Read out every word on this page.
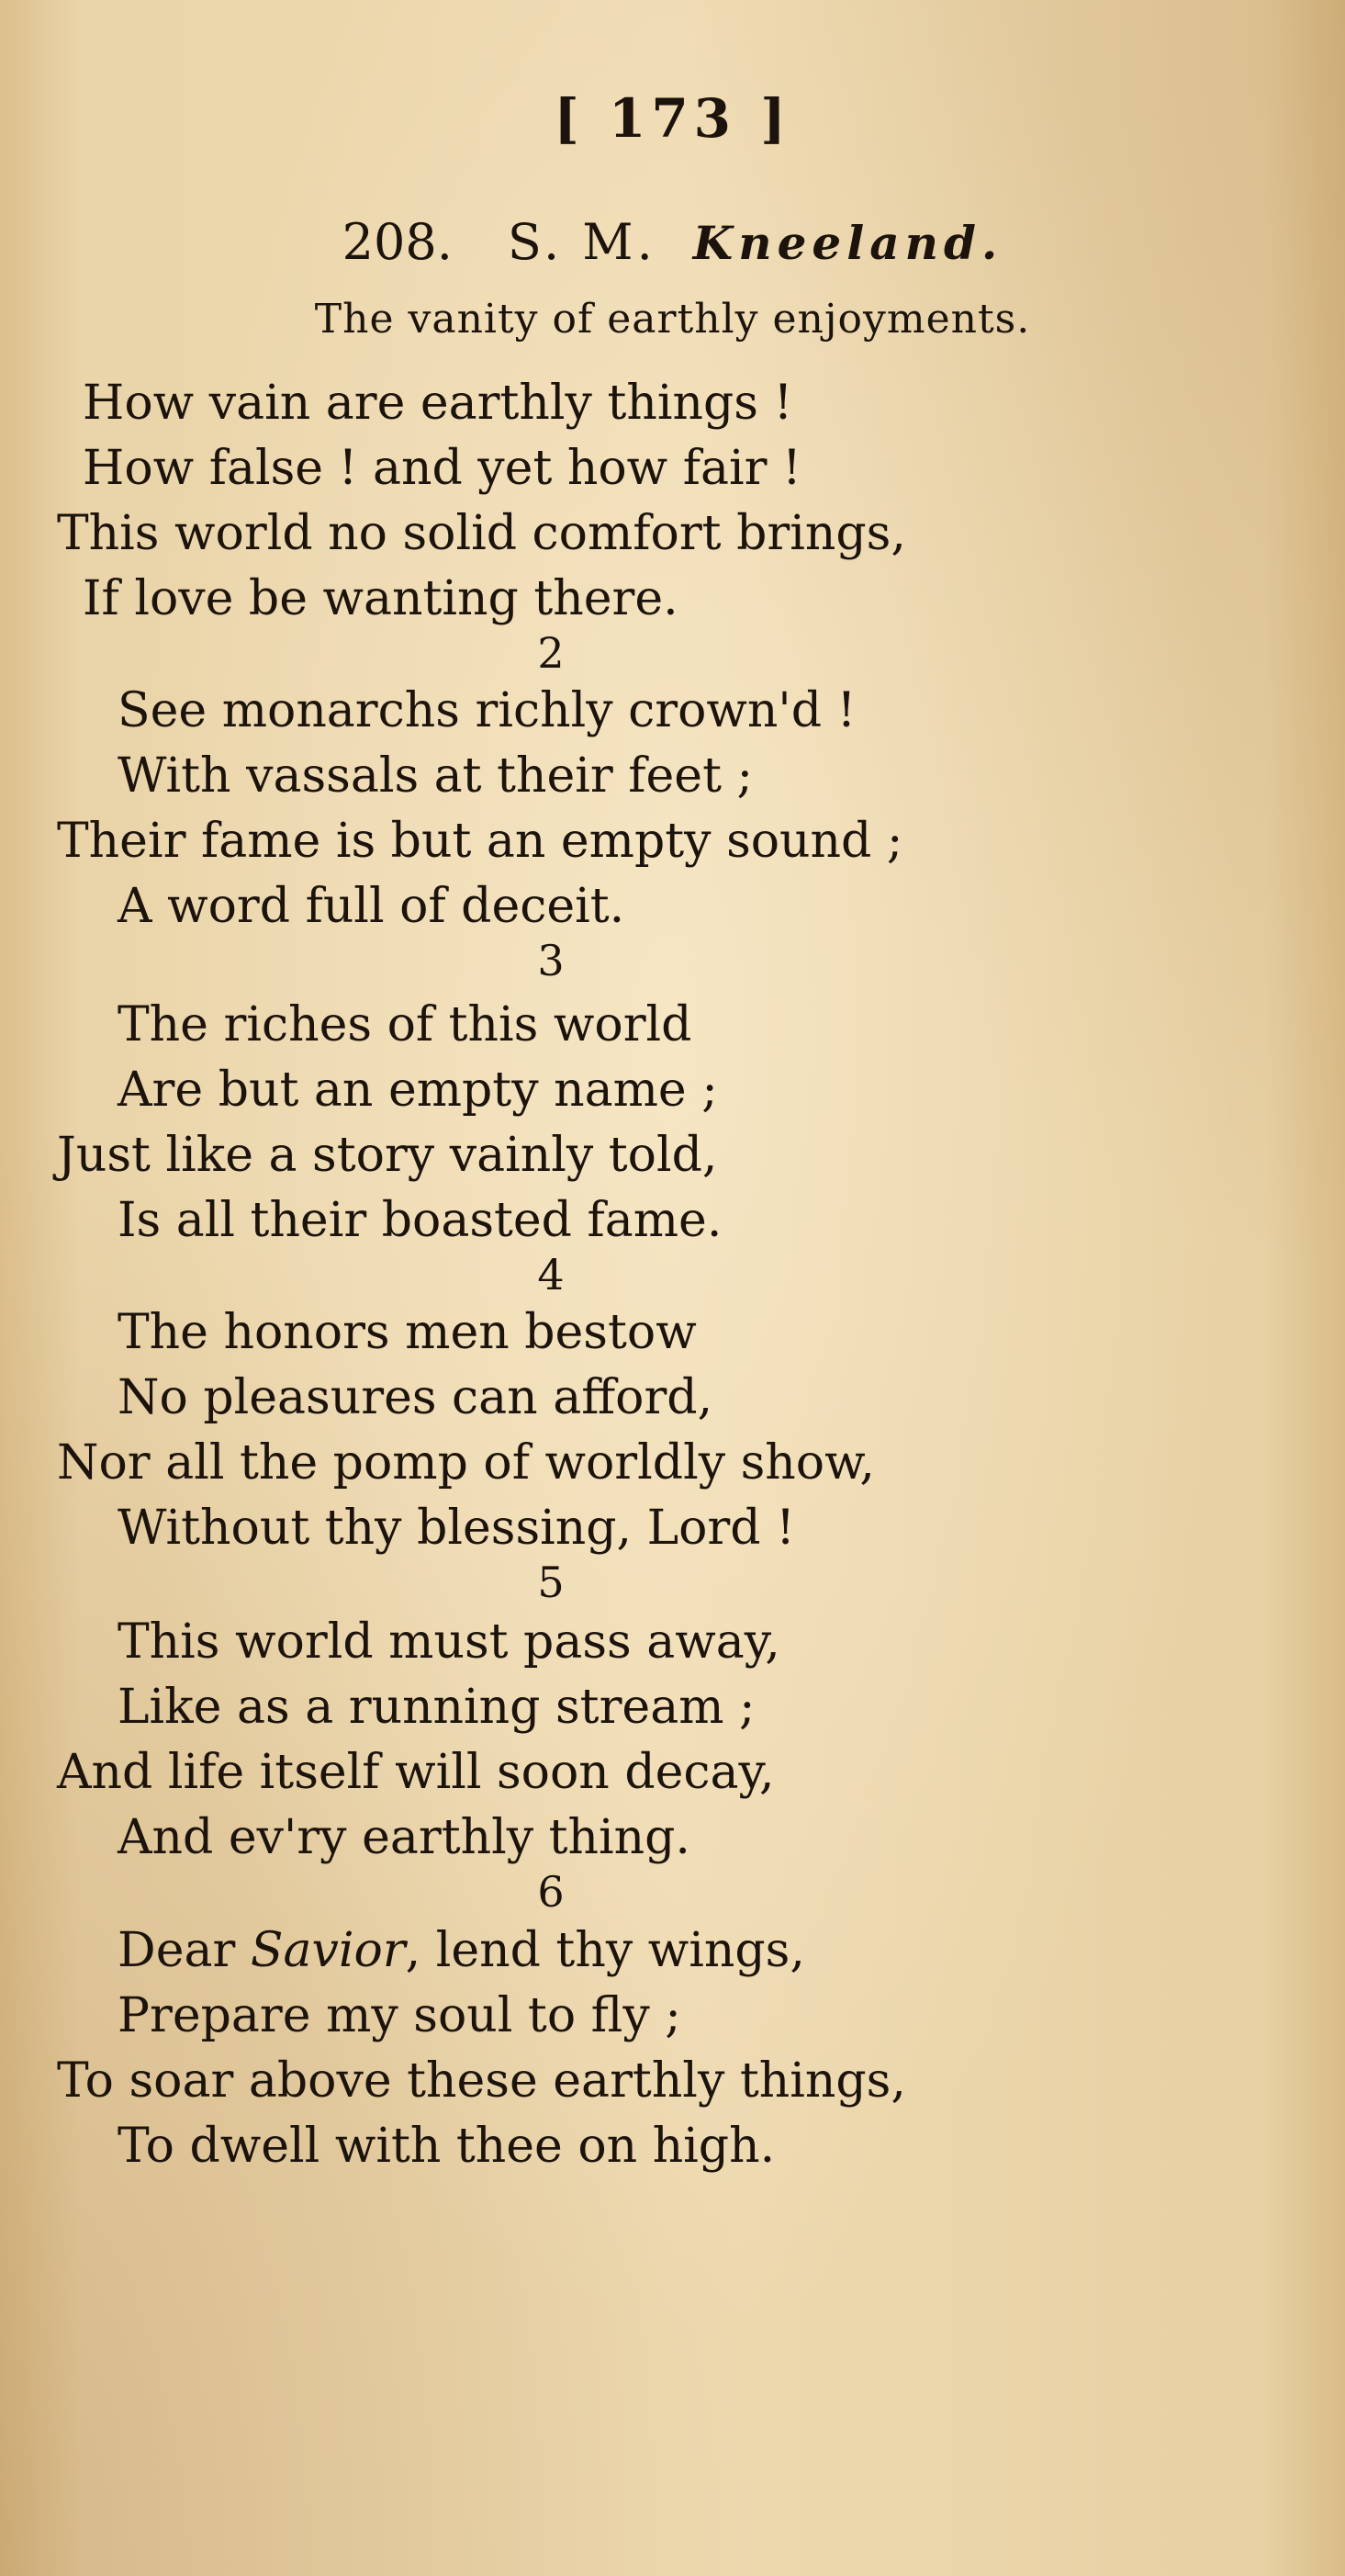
[ 173 ]
208. S. M. Kneeland.
The vanity of earthly enjoyments.
How vain are earthly things !
How false ! and yet how fair !
This world no solid comfort brings,
If love be wanting there.
2
See monarchs richly crown'd !
With vassals at their feet ;
Their fame is but an empty sound ;
A word full of deceit.
3
The riches of this world
Are but an empty name ;
Just like a story vainly told,
Is all their boasted fame.
4
The honors men bestow
No pleasures can afford,
Nor all the pomp of worldly show,
Without thy blessing, Lord !
5
This world must pass away,
Like as a running stream ;
And life itself will soon decay,
And ev'ry earthly thing.
6
Dear Savior, lend thy wings,
Prepare my soul to fly ;
To soar above these earthly things,
To dwell with thee on high.
